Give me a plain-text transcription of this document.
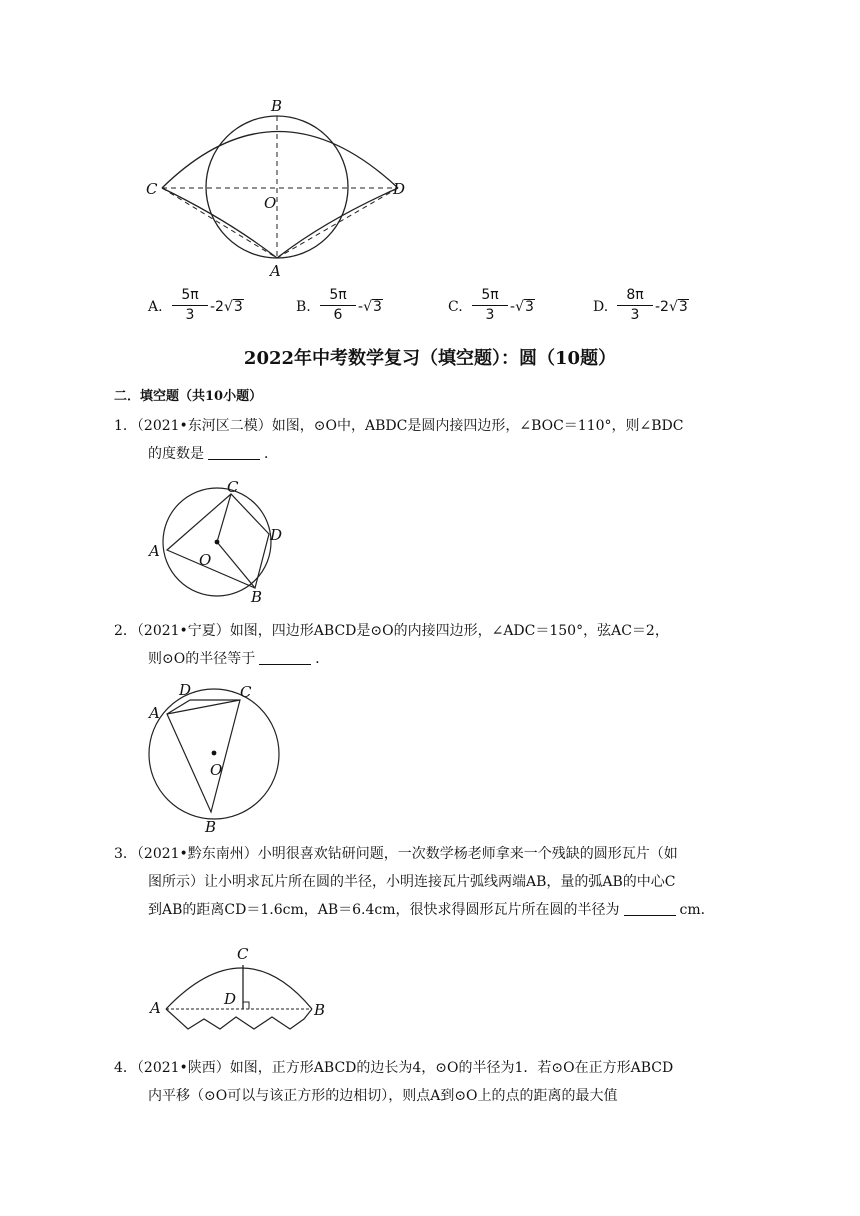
B
C	D
O
A
A. $\frac{5\pi}{3} -2√3$	B. $\frac{5\pi}{6} -√3$	C. $\frac{5\pi}{3} -√3$	D. $\frac{8\pi}{3} -2√3$
2022年中考数学复习（填空题）：圆（10题）
二．填空题（共10小题）
1．（2021•东河区二模）如图，⊙O中，ABDC是圆内接四边形，∠BOC＝110°，则∠BDC
的度数是	．
C
D
A	O
B
2．（2021•宁夏）如图，四边形ABCD是⊙O的内接四边形，∠ADC＝150°，弦AC＝2，
则⊙O的半径等于	．
D	C
A
O
B
3．（2021•黔东南州）小明很喜欢钻研问题，一次数学杨老师拿来一个残缺的圆形瓦片（如
图所示）让小明求瓦片所在圆的半径，小明连接瓦片弧线两端AB，量的弧AB的中心C
到AB的距离CD＝1.6cm，AB＝6.4cm，很快求得圆形瓦片所在圆的半径为	cm．
C
D
A	B
4．（2021•陕西）如图，正方形ABCD的边长为4，⊙O的半径为1．若⊙O在正方形ABCD
内平移（⊙O可以与该正方形的边相切），则点A到⊙O上的点的距离的最大值
